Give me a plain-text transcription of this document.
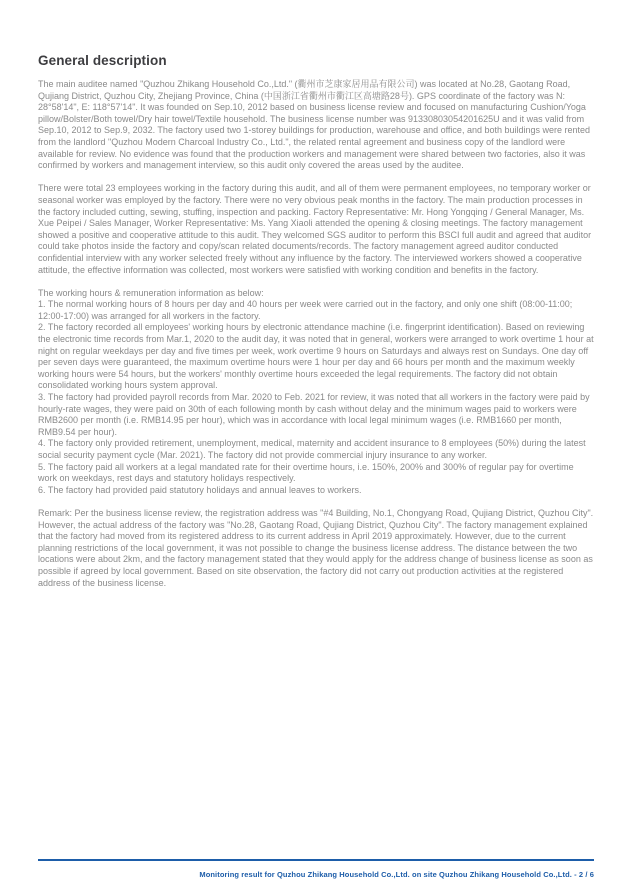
General description

The main auditee named "Quzhou Zhikang Household Co.,Ltd." (衢州市芝康家居用品有限公司) was located at No.28, Gaotang Road, Qujiang District, Quzhou City, Zhejiang Province, China (中国浙江省衢州市衢江区高塘路28号). GPS coordinate of the factory was N: 28°58'14", E: 118°57'14". It was founded on Sep.10, 2012 based on business license review and focused on manufacturing Cushion/Yoga pillow/Bolster/Both towel/Dry hair towel/Textile household. The business license number was 91330803054201625U and it was valid from Sep.10, 2012 to Sep.9, 2032. The factory used two 1-storey buildings for production, warehouse and office, and both buildings were rented from the landlord "Quzhou Modern Charcoal Industry Co., Ltd.", the related rental agreement and business copy of the landlord were available for review. No evidence was found that the production workers and management were shared between two factories, also it was confirmed by workers and management interview, so this audit only covered the areas used by the auditee.

There were total 23 employees working in the factory during this audit, and all of them were permanent employees, no temporary worker or seasonal worker was employed by the factory. There were no very obvious peak months in the factory. The main production processes in the factory included cutting, sewing, stuffing, inspection and packing. Factory Representative: Mr. Hong Yongqing / General Manager, Ms. Xue Peipei / Sales Manager, Worker Representative: Ms. Yang Xiaoli attended the opening & closing meetings. The factory management showed a positive and cooperative attitude to this audit. They welcomed SGS auditor to perform this BSCI full audit and agreed that auditor could take photos inside the factory and copy/scan related documents/records. The factory management agreed auditor conducted confidential interview with any worker selected freely without any influence by the factory. The interviewed workers showed a cooperative attitude, the effective information was collected, most workers were satisfied with working condition and benefits in the factory.

The working hours & remuneration information as below:
1. The normal working hours of 8 hours per day and 40 hours per week were carried out in the factory, and only one shift (08:00-11:00; 12:00-17:00) was arranged for all workers in the factory.
2. The factory recorded all employees' working hours by electronic attendance machine (i.e. fingerprint identification). Based on reviewing the electronic time records from Mar.1, 2020 to the audit day, it was noted that in general, workers were arranged to work overtime 1 hour at night on regular weekdays per day and five times per week, work overtime 9 hours on Saturdays and always rest on Sundays. One day off per seven days were guaranteed, the maximum overtime hours were 1 hour per day and 66 hours per month and the maximum weekly working hours were 54 hours, but the workers' monthly overtime hours exceeded the legal requirements. The factory did not obtain consolidated working hours system approval.
3. The factory had provided payroll records from Mar. 2020 to Feb. 2021 for review, it was noted that all workers in the factory were paid by hourly-rate wages, they were paid on 30th of each following month by cash without delay and the minimum wages paid to workers were RMB2600 per month (i.e. RMB14.95 per hour), which was in accordance with local legal minimum wages (i.e. RMB1660 per month, RMB9.54 per hour).
4. The factory only provided retirement, unemployment, medical, maternity and accident insurance to 8 employees (50%) during the latest social security payment cycle (Mar. 2021). The factory did not provide commercial injury insurance to any worker.
5. The factory paid all workers at a legal mandated rate for their overtime hours, i.e. 150%, 200% and 300% of regular pay for overtime work on weekdays, rest days and statutory holidays respectively.
6. The factory had provided paid statutory holidays and annual leaves to workers.

Remark: Per the business license review, the registration address was "#4 Building, No.1, Chongyang Road, Qujiang District, Quzhou City". However, the actual address of the factory was "No.28, Gaotang Road, Qujiang District, Quzhou City". The factory management explained that the factory had moved from its registered address to its current address in April 2019 approximately. However, due to the current planning restrictions of the local government, it was not possible to change the business license address. The distance between the two locations were about 2km, and the factory management stated that they would apply for the address change of business license as soon as possible if agreed by local government. Based on site observation, the factory did not carry out production activities at the registered address of the business license.

Monitoring result for Quzhou Zhikang Household Co.,Ltd. on site Quzhou Zhikang Household Co.,Ltd. - 2 / 6
